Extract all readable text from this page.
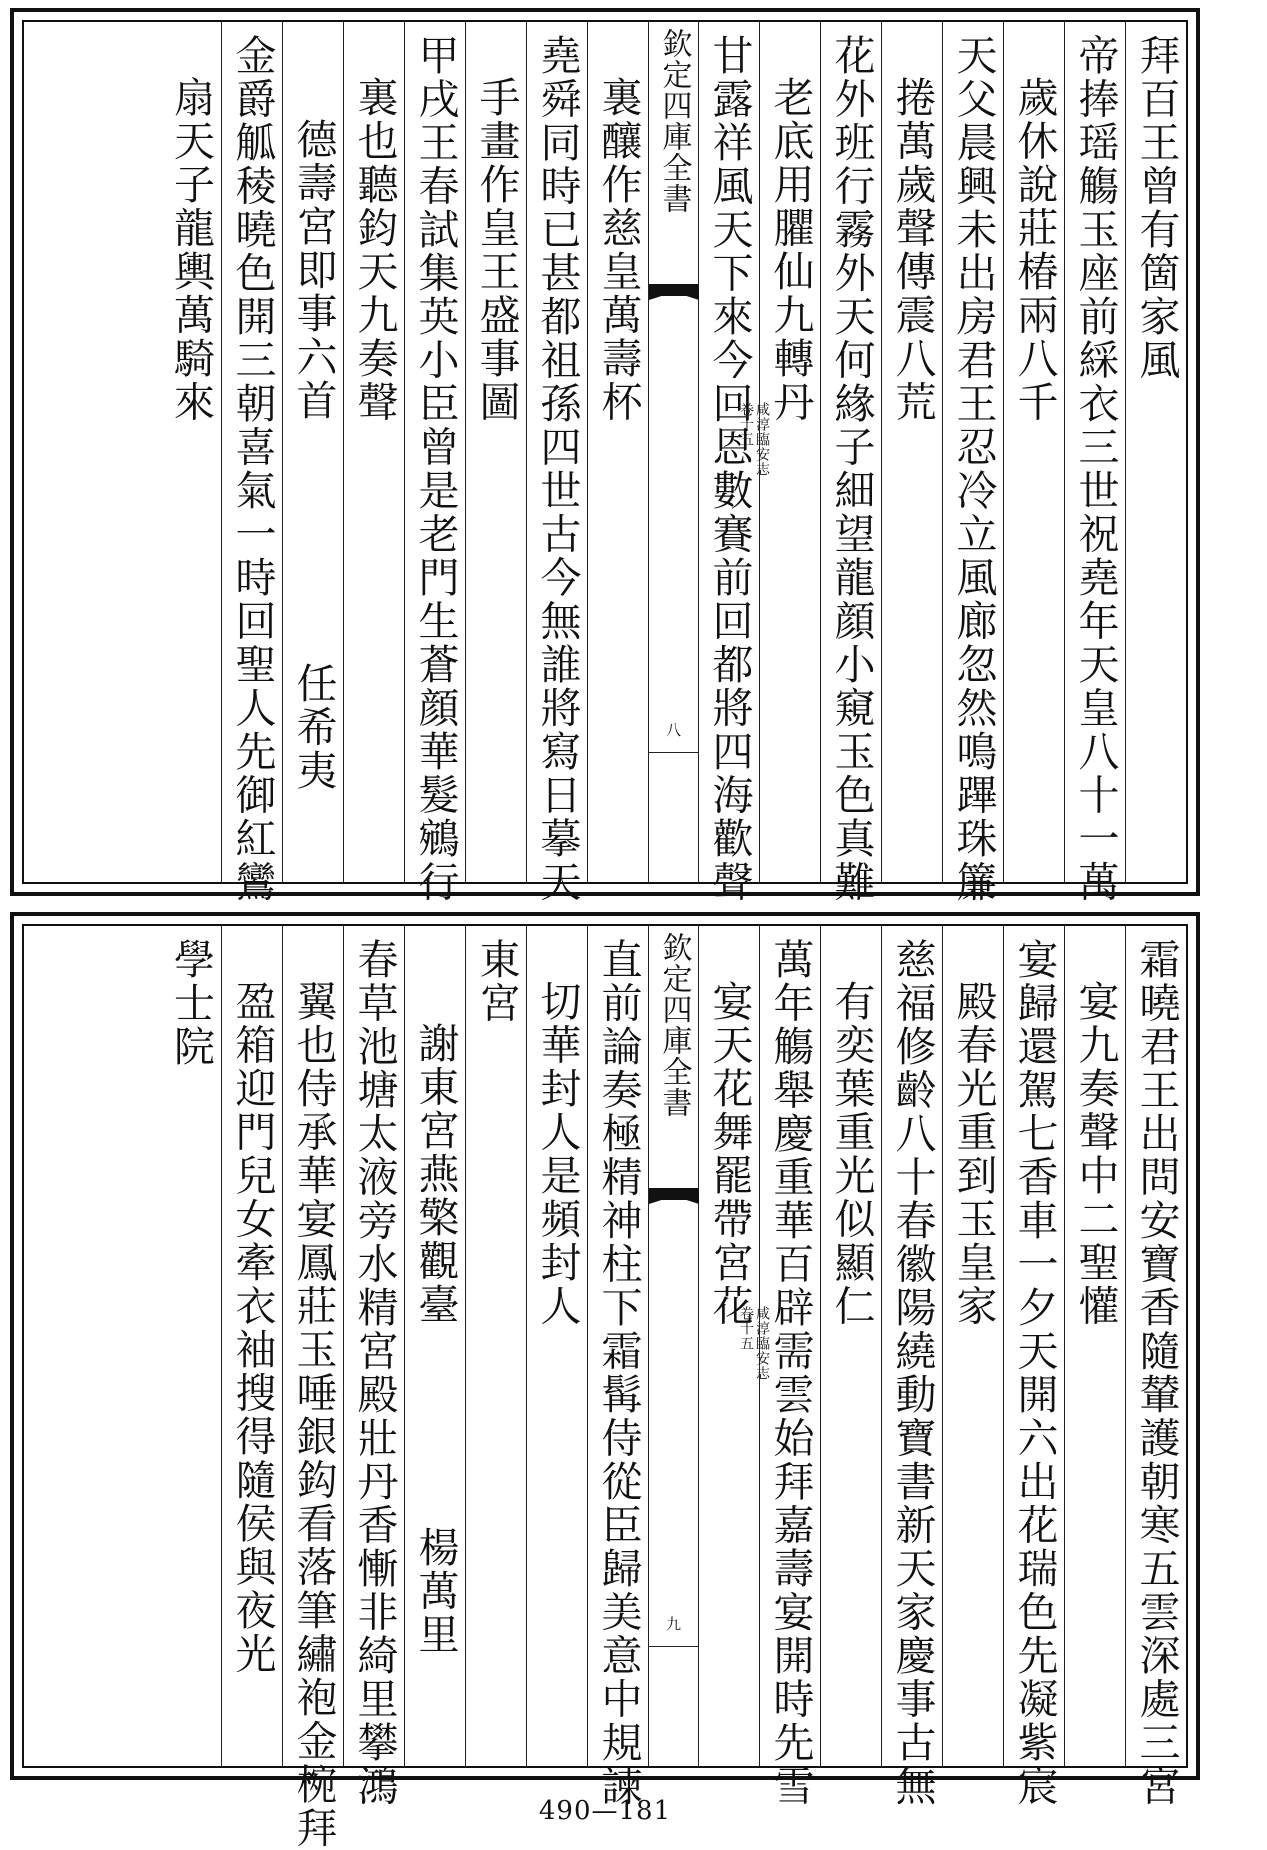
拜百王曾有箇家風
帝捧瑶觴玉座前綵衣三世祝堯年天皇八十一萬
歲休說莊椿兩八千
天父晨興未出房君王忍冷立風廊忽然鳴蹕珠簾
捲萬歲聲傳震八荒
花外班行霧外天何緣子細望龍顔小窺玉色真難
老底用臞仙九轉丹
甘露祥風天下來今回恩數賽前回都將四海歡聲
欽定四庫全書
咸淳臨安志
卷十五
八
裏釀作慈皇萬壽杯
堯舜同時已甚都祖孫四世古今無誰將寫日摹天
手畫作皇王盛事圖
甲戌王春試集英小臣曾是老門生蒼顔華髮鵷行
裏也聽鈞天九奏聲
德壽宮即事六首
任希夷
金爵觚稜曉色開三朝喜氣一時回聖人先御紅鸞
扇天子龍輿萬騎來
霜曉君王出問安寶香隨輦護朝寒五雲深處三宮
宴九奏聲中二聖懽
宴歸還駕七香車一夕天開六出花瑞色先凝紫宸
殿春光重到玉皇家
慈福修齡八十春徽陽繞動寶書新天家慶事古無
有奕葉重光似顯仁
萬年觴舉慶重華百辟需雲始拜嘉壽宴開時先雪
宴天花舞罷帶宮花
欽定四庫全書
咸淳臨安志
卷十五
九
直前論奏極精神柱下霜髯侍從臣歸美意中規諫
切華封人是頻封人
東宮
謝東宮燕檠觀臺
楊萬里
春草池塘太液旁水精宮殿壯丹香慚非綺里攀鴻
翼也侍承華宴鳳莊玉唾銀鈎看落筆繡袍金椀拜
盈箱迎門兒女牽衣袖搜得隨侯與夜光
學士院
490—181
